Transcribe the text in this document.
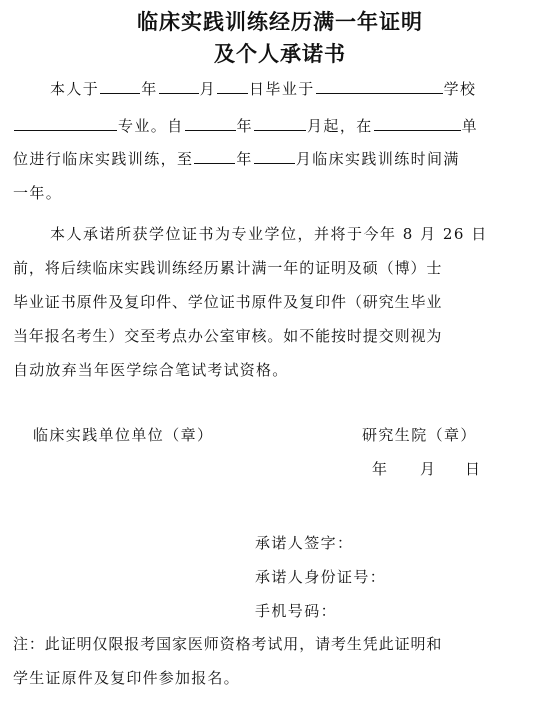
临床实践训练经历满一年证明
及个人承诺书
本人于	年	月 日毕业于	学校
专业。自	年	月起，在	单
位进行临床实践训练，至	年	月临床实践训练时间满
一年。
本人承诺所获学位证书为专业学位，并将于今年 8 月 26 日
前，将后续临床实践训练经历累计满一年的证明及硕（博）士
毕业证书原件及复印件、学位证书原件及复印件（研究生毕业
当年报名考生）交至考点办公室审核。如不能按时提交则视为
自动放弃当年医学综合笔试考试资格。
临床实践单位单位（章）	研究生院（章）
年 月 日
承诺人签字：
承诺人身份证号：
手机号码：
注：此证明仅限报考国家医师资格考试用，请考生凭此证明和
学生证原件及复印件参加报名。
